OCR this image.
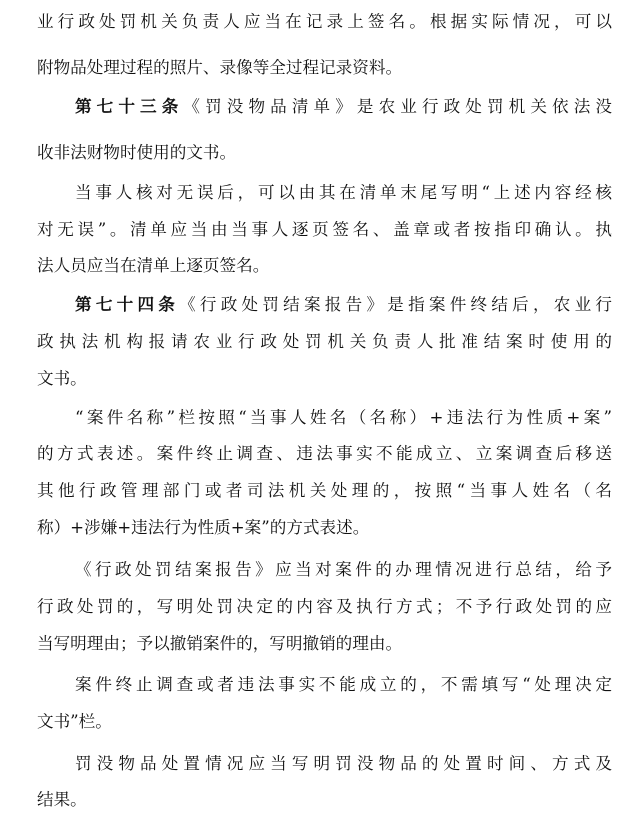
业行政处罚机关负责人应当在记录上签名。根据实际情况，可以
附物品处理过程的照片、录像等全过程记录资料。
第七十三条《罚没物品清单》是农业行政处罚机关依法没
收非法财物时使用的文书。
当事人核对无误后，可以由其在清单末尾写明“上述内容经核
对无误”。清单应当由当事人逐页签名、盖章或者按指印确认。执
法人员应当在清单上逐页签名。
第七十四条《行政处罚结案报告》是指案件终结后，农业行
政执法机构报请农业行政处罚机关负责人批准结案时使用的
文书。
“案件名称”栏按照“当事人姓名（名称）+违法行为性质+案”
的方式表述。案件终止调查、违法事实不能成立、立案调查后移送
其他行政管理部门或者司法机关处理的，按照“当事人姓名（名
称）+涉嫌+违法行为性质+案”的方式表述。
《行政处罚结案报告》应当对案件的办理情况进行总结，给予
行政处罚的，写明处罚决定的内容及执行方式；不予行政处罚的应
当写明理由；予以撤销案件的，写明撤销的理由。
案件终止调查或者违法事实不能成立的，不需填写“处理决定
文书”栏。
罚没物品处置情况应当写明罚没物品的处置时间、方式及
结果。
